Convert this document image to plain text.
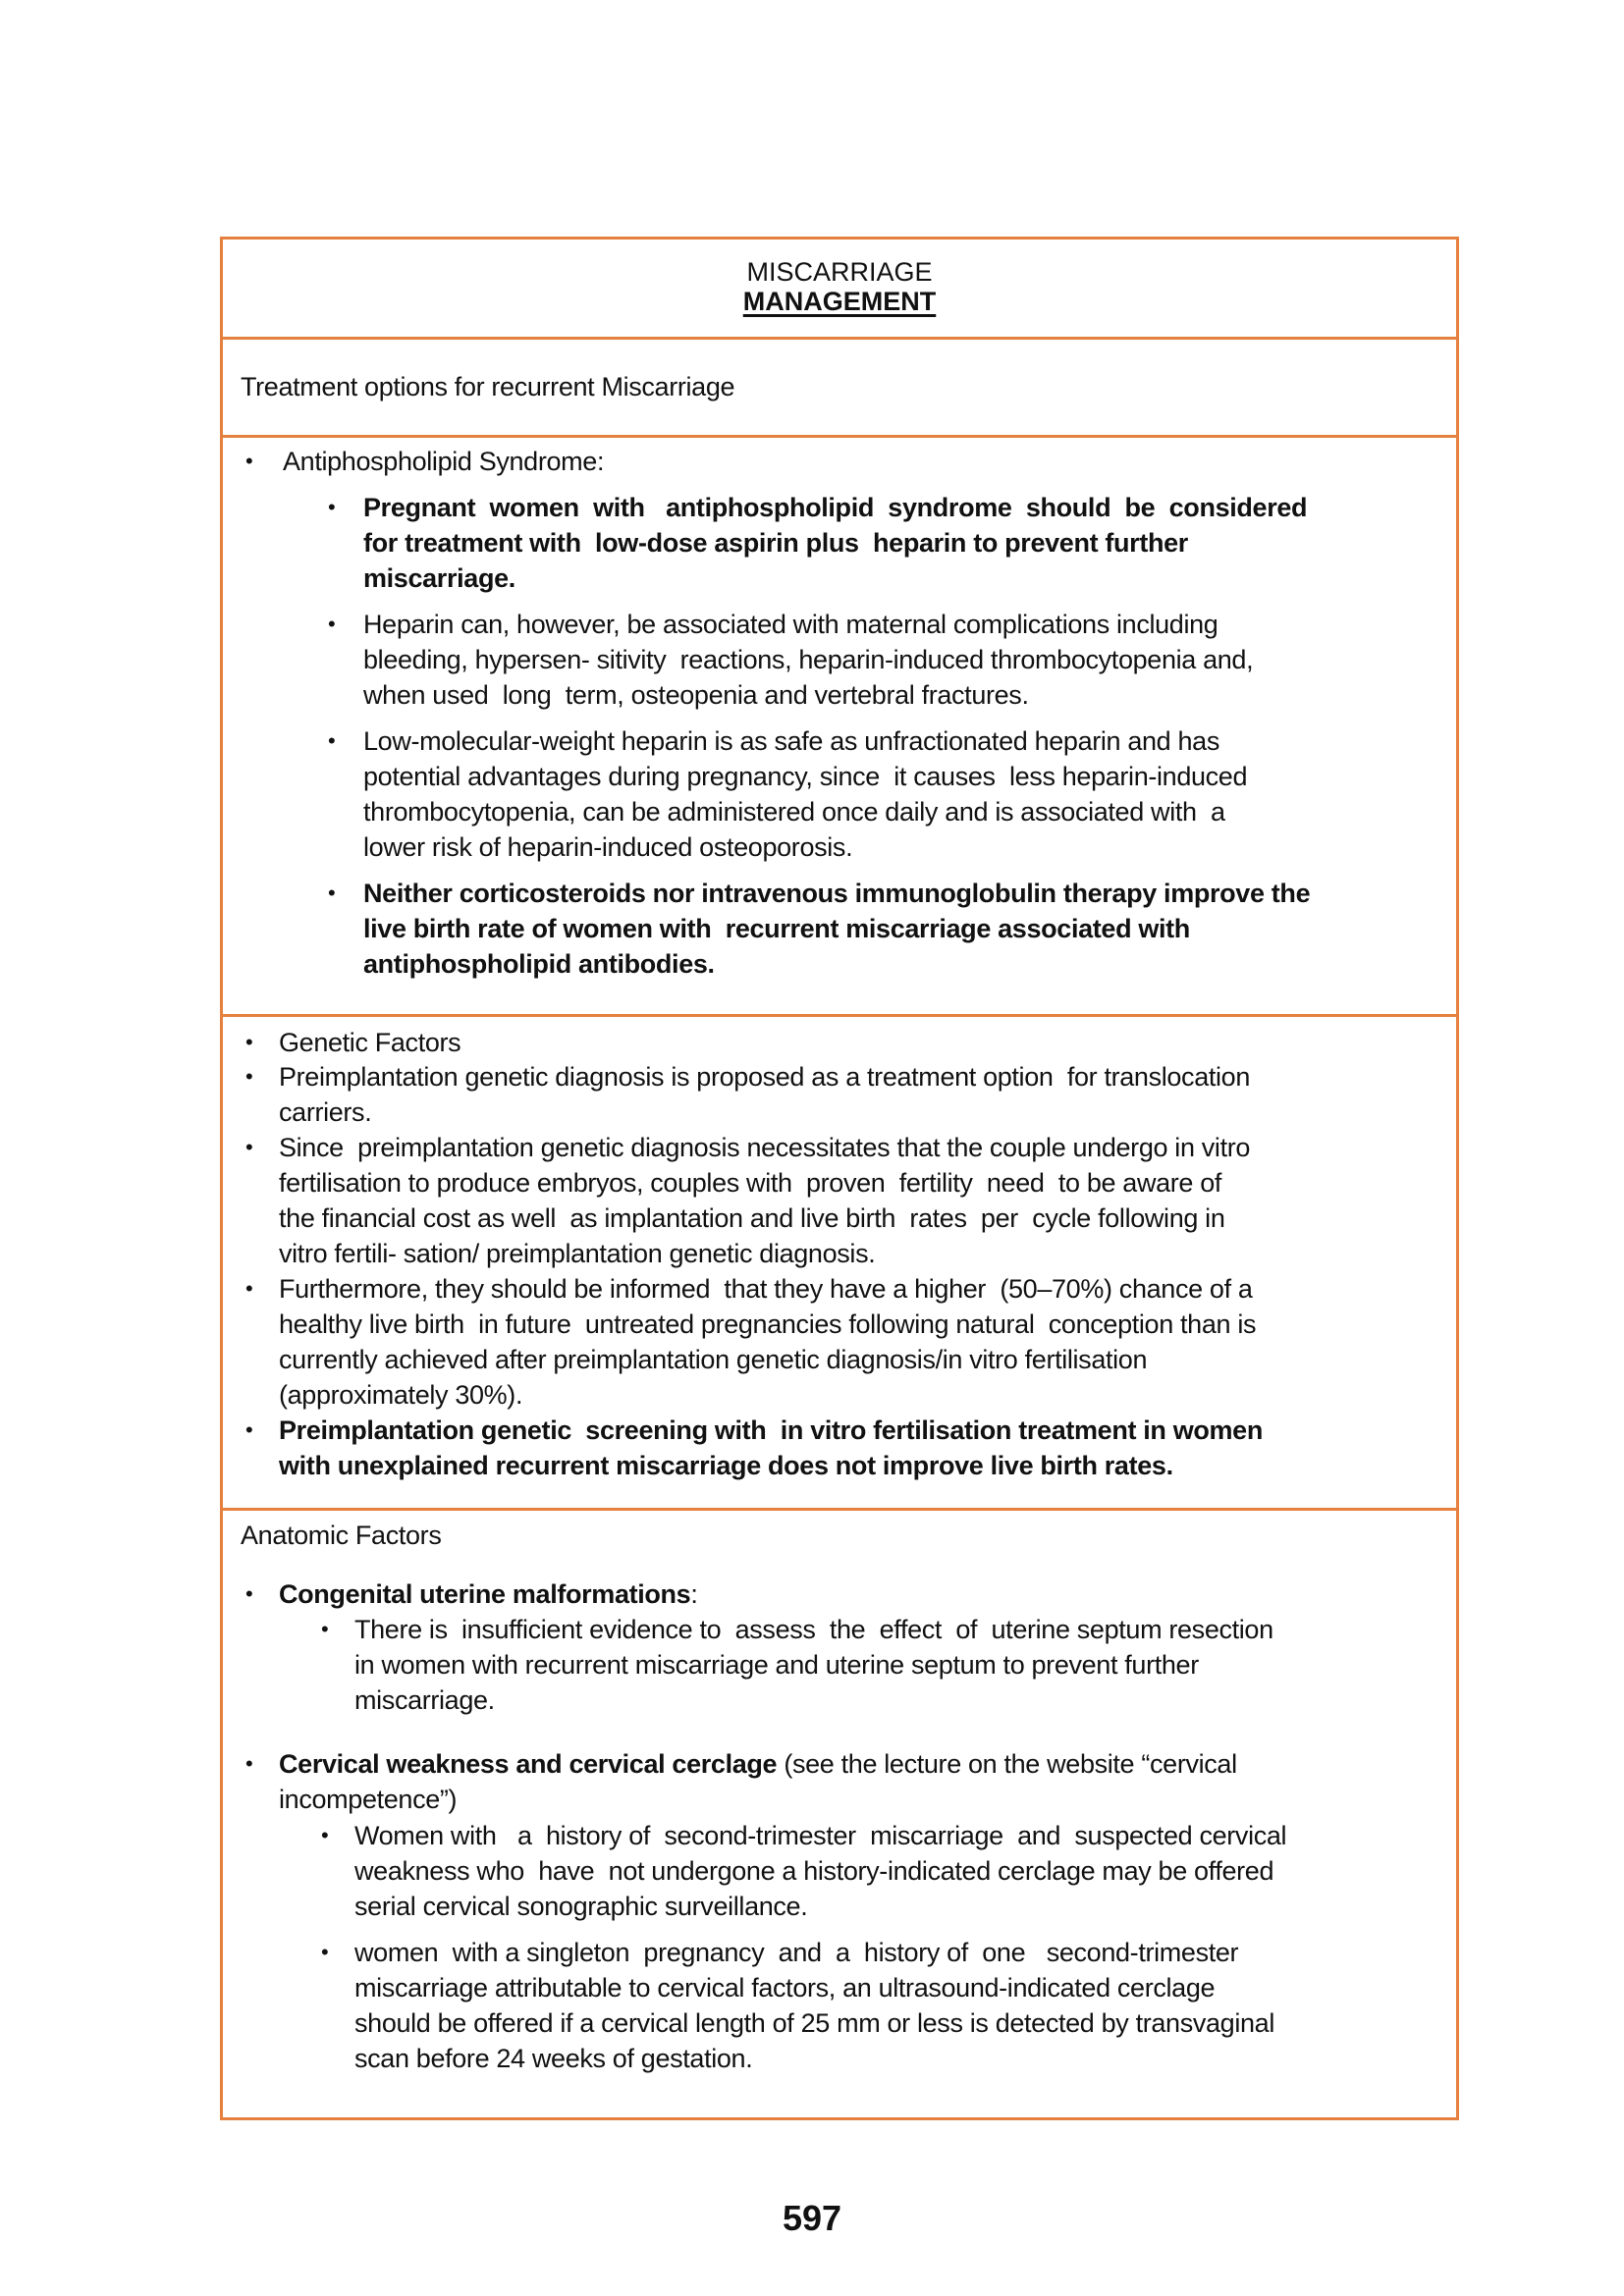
MISCARRIAGE
MANAGEMENT
Treatment options for recurrent Miscarriage
• Antiphospholipid Syndrome:
• Pregnant  women  with   antiphospholipid  syndrome  should  be  considered
for treatment with  low-dose aspirin plus  heparin to prevent further
miscarriage.
• Heparin can, however, be associated with maternal complications including
bleeding, hypersen- sitivity  reactions, heparin-induced thrombocytopenia and,
when used  long  term, osteopenia and vertebral fractures.
• Low-molecular-weight heparin is as safe as unfractionated heparin and has
potential advantages during pregnancy, since  it causes  less heparin-induced
thrombocytopenia, can be administered once daily and is associated with  a
lower risk of heparin-induced osteoporosis.
• Neither corticosteroids nor intravenous immunoglobulin therapy improve the
live birth rate of women with  recurrent miscarriage associated with
antiphospholipid antibodies.
• Genetic Factors
• Preimplantation genetic diagnosis is proposed as a treatment option  for translocation
carriers.
• Since  preimplantation genetic diagnosis necessitates that the couple undergo in vitro
fertilisation to produce embryos, couples with  proven  fertility  need  to be aware of
the financial cost as well  as implantation and live birth  rates  per  cycle following in
vitro fertili- sation/ preimplantation genetic diagnosis.
• Furthermore, they should be informed  that they have a higher  (50–70%) chance of a
healthy live birth  in future  untreated pregnancies following natural  conception than is
currently achieved after preimplantation genetic diagnosis/in vitro fertilisation
(approximately 30%).
• Preimplantation genetic  screening with  in vitro fertilisation treatment in women
with unexplained recurrent miscarriage does not improve live birth rates.
Anatomic Factors
• Congenital uterine malformations:
• There is  insufficient evidence to  assess  the  effect  of  uterine septum resection
in women with recurrent miscarriage and uterine septum to prevent further
miscarriage.
• Cervical weakness and cervical cerclage (see the lecture on the website “cervical
incompetence”)
• Women with   a  history of  second-trimester  miscarriage  and  suspected cervical
weakness who  have  not undergone a history-indicated cerclage may be offered
serial cervical sonographic surveillance.
• women  with a singleton  pregnancy  and  a  history of  one   second-trimester
miscarriage attributable to cervical factors, an ultrasound-indicated cerclage
should be offered if a cervical length of 25 mm or less is detected by transvaginal
scan before 24 weeks of gestation.
597
